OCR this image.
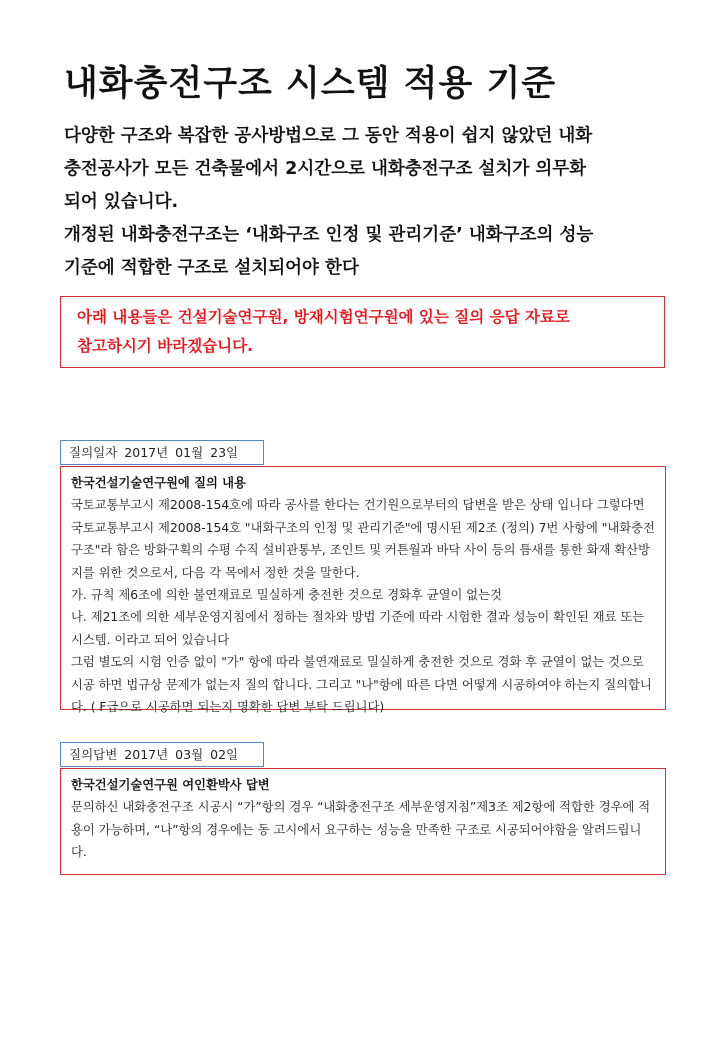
내화충전구조 시스템 적용 기준

다양한 구조와 복잡한 공사방법으로 그 동안 적용이 쉽지 않았던 내화

충전공사가 모든 건축물에서 2시간으로 내화충전구조 설치가 의무화

되어 있습니다.

개정된 내화충전구조는 ‘내화구조 인정 및 관리기준’ 내화구조의 성능

기준에 적합한 구조로 설치되어야 한다

아래 내용들은 건설기술연구원, 방재시험연구원에 있는 질의 응답 자료로

참고하시기 바라겠습니다.

질의일자 2017년 01월 23일

한국건설기술연구원에 질의 내용

국토교통부고시 제2008-154호에 따라 공사를 한다는 건기원으로부터의 답변을 받은 상태 입니다 그렇다면 국토교통부고시 제2008-154호 "내화구조의 인정 및 관리기준"에 명시된 제2조 (정의) 7번 사항에 "내화충전구조"라 함은 방화구획의 수평 수직 설비관통부, 조인트 및 커튼월과 바닥 사이 등의 틈새를 통한 화재 확산방지를 위한 것으로서, 다음 각 목에서 정한 것을 말한다.

가. 규칙 제6조에 의한 불연재료로 밀실하게 충전한 것으로 경화후 균열이 없는것

나. 제21조에 의한 세부운영지침에서 정하는 절차와 방법 기준에 따라 시험한 결과 성능이 확인된 재료 또는 시스템. 이라고 되어 있습니다

그럼 별도의 시험 인증 없이 "가" 항에 따라 불연재료로 밀실하게 충전한 것으로 경화 후 균열이 없는 것으로 시공 하면 법규상 문제가 없는지 질의 합니다. 그리고 "나"항에 따른 다면 어떻게 시공하여야 하는지 질의합니다. ( F급으로 시공하면 되는지 명확한 답변 부탁 드립니다)

질의답변 2017년 03월 02일

한국건설기술연구원 여인환박사 답변

문의하신 내화충전구조 시공시 “가”항의 경우 “내화충전구조 세부운영지침”제3조 제2항에 적합한 경우에 적용이 가능하며, “나”항의 경우에는 동 고시에서 요구하는 성능을 만족한 구조로 시공되어야함을 알려드립니다.
